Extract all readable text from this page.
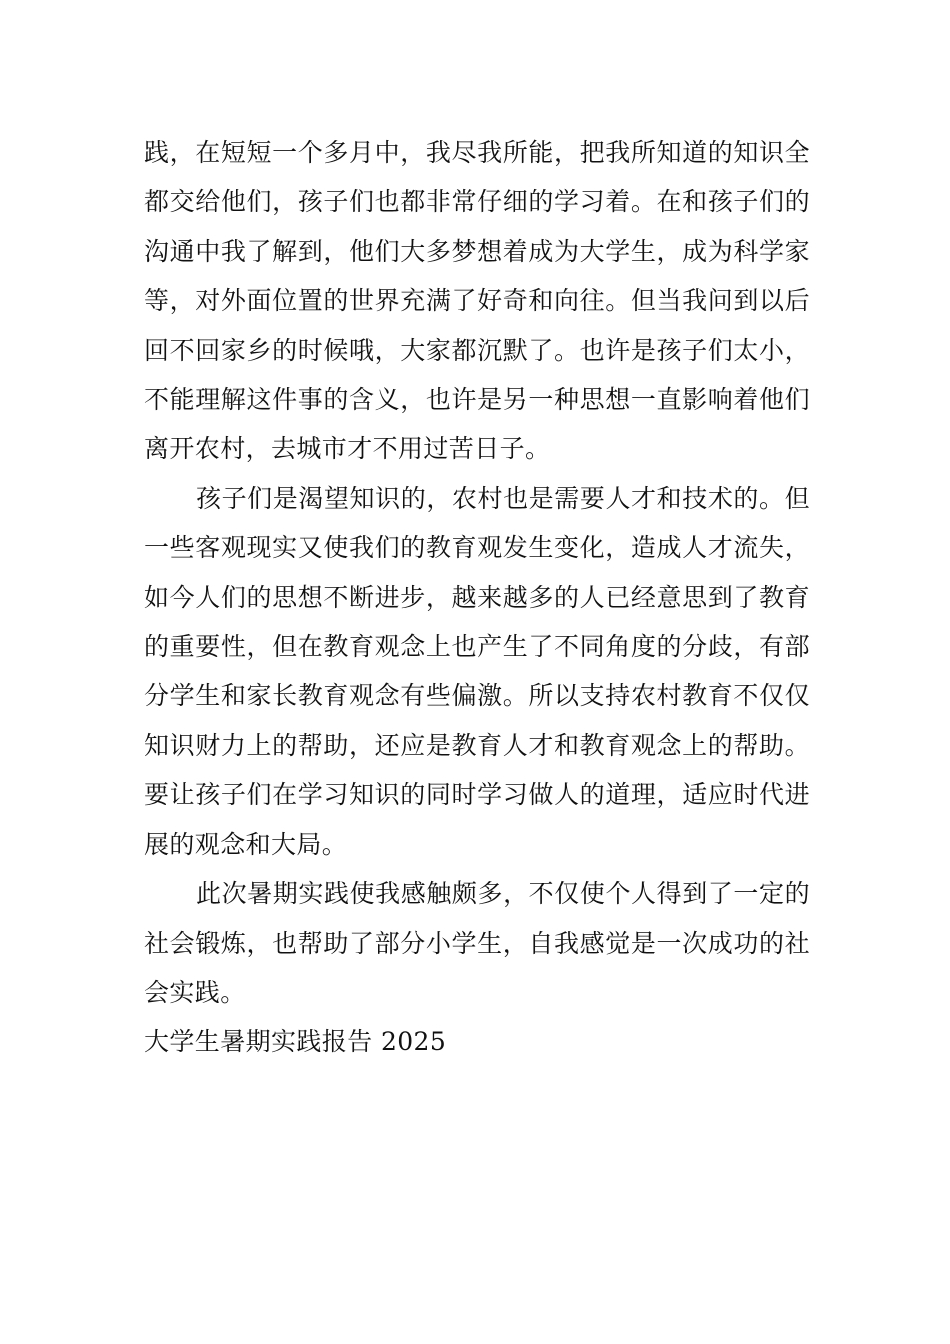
践，在短短一个多月中，我尽我所能，把我所知道的知识全都交给他们，孩子们也都非常仔细的学习着。在和孩子们的沟通中我了解到，他们大多梦想着成为大学生，成为科学家等，对外面位置的世界充满了好奇和向往。但当我问到以后回不回家乡的时候哦，大家都沉默了。也许是孩子们太小，不能理解这件事的含义，也许是另一种思想一直影响着他们离开农村，去城市才不用过苦日子。

孩子们是渴望知识的，农村也是需要人才和技术的。但一些客观现实又使我们的教育观发生变化，造成人才流失，如今人们的思想不断进步，越来越多的人已经意思到了教育的重要性，但在教育观念上也产生了不同角度的分歧，有部分学生和家长教育观念有些偏激。所以支持农村教育不仅仅知识财力上的帮助，还应是教育人才和教育观念上的帮助。要让孩子们在学习知识的同时学习做人的道理，适应时代进展的观念和大局。

此次暑期实践使我感触颇多，不仅使个人得到了一定的社会锻炼，也帮助了部分小学生，自我感觉是一次成功的社会实践。

大学生暑期实践报告 2025
